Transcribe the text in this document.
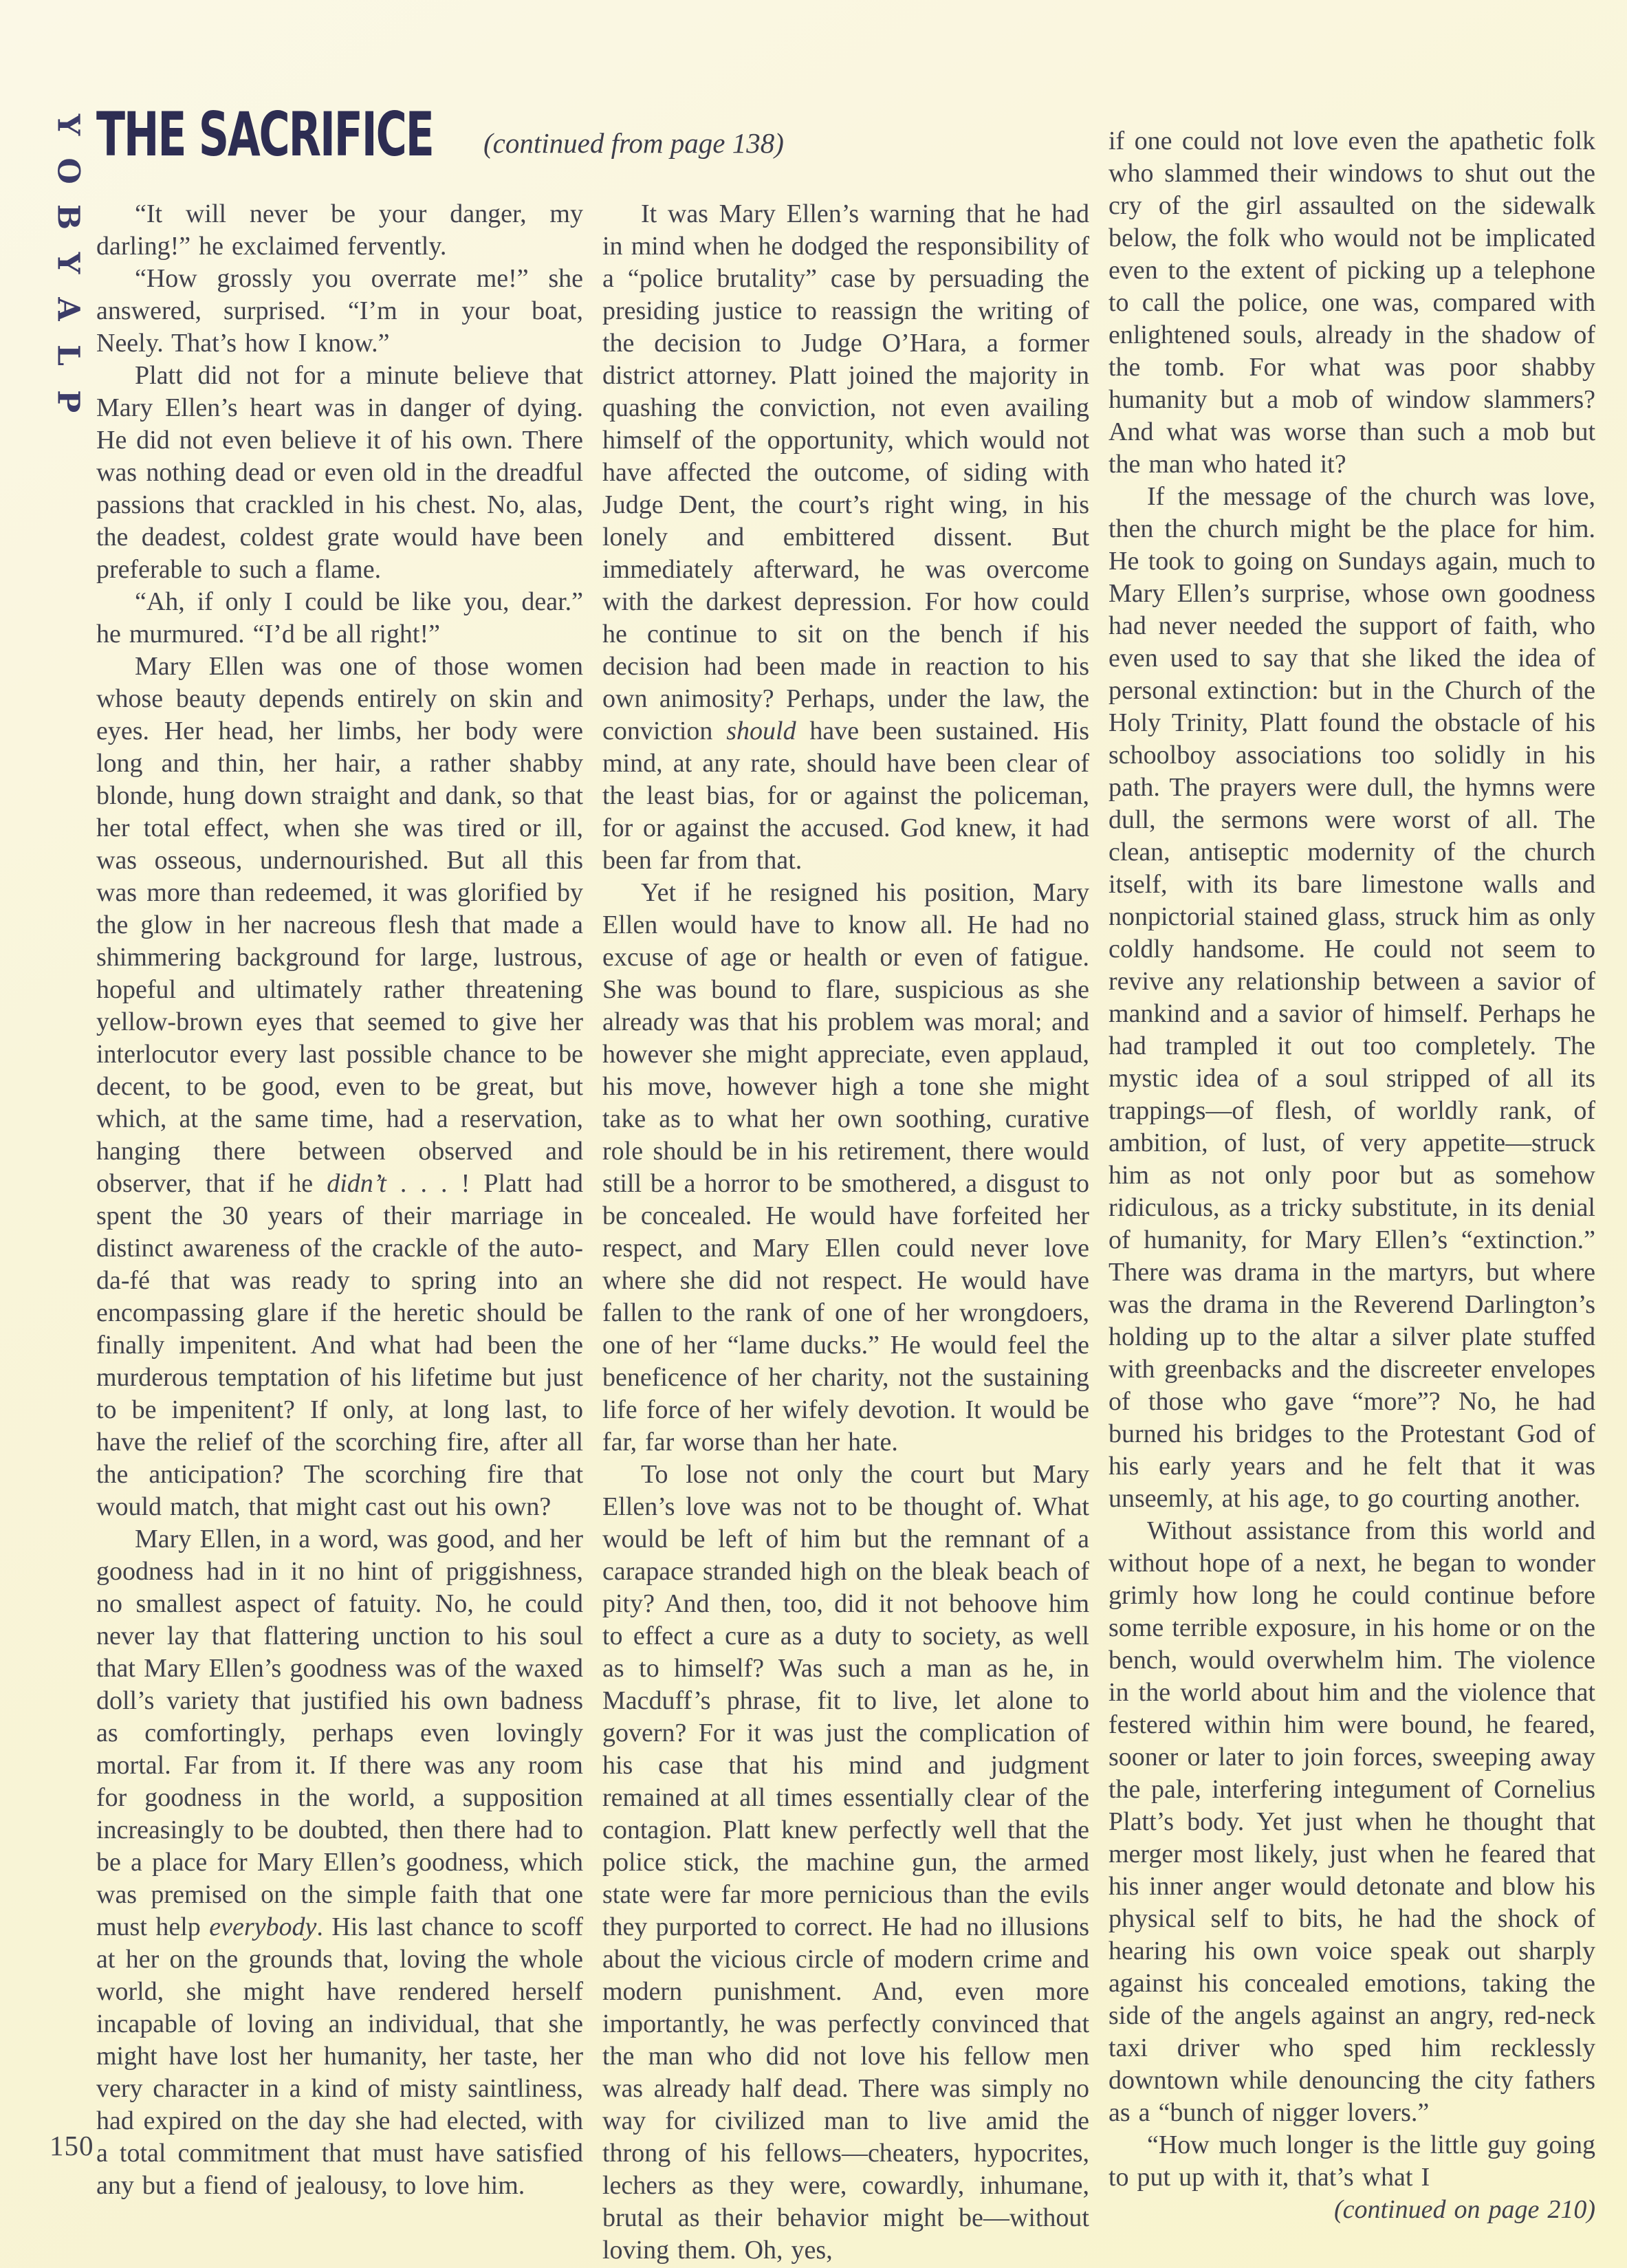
Y
O
B
Y
A
L
P
THE SACRIFICE (continued from page 138)

“It will never be your danger, my darling!” he exclaimed fervently.

“How grossly you overrate me!” she answered, surprised. “I’m in your boat, Neely. That’s how I know.”

Platt did not for a minute believe that Mary Ellen’s heart was in danger of dying. He did not even believe it of his own. There was nothing dead or even old in the dreadful passions that crackled in his chest. No, alas, the deadest, coldest grate would have been preferable to such a flame.

“Ah, if only I could be like you, dear.” he murmured. “I’d be all right!”

Mary Ellen was one of those women whose beauty depends entirely on skin and eyes. Her head, her limbs, her body were long and thin, her hair, a rather shabby blonde, hung down straight and dank, so that her total effect, when she was tired or ill, was osseous, undernourished. But all this was more than redeemed, it was glorified by the glow in her nacreous flesh that made a shimmering background for large, lustrous, hopeful and ultimately rather threatening yellow-brown eyes that seemed to give her interlocutor every last possible chance to be decent, to be good, even to be great, but which, at the same time, had a reservation, hanging there between observed and observer, that if he didn’t . . . ! Platt had spent the 30 years of their marriage in distinct awareness of the crackle of the auto-da-fé that was ready to spring into an encompassing glare if the heretic should be finally impenitent. And what had been the murderous temptation of his lifetime but just to be impenitent? If only, at long last, to have the relief of the scorching fire, after all the anticipation? The scorching fire that would match, that might cast out his own?

Mary Ellen, in a word, was good, and her goodness had in it no hint of priggishness, no smallest aspect of fatuity. No, he could never lay that flattering unction to his soul that Mary Ellen’s goodness was of the waxed doll’s variety that justified his own badness as comfortingly, perhaps even lovingly mortal. Far from it. If there was any room for goodness in the world, a supposition increasingly to be doubted, then there had to be a place for Mary Ellen’s goodness, which was premised on the simple faith that one must help everybody. His last chance to scoff at her on the grounds that, loving the whole world, she might have rendered herself incapable of loving an individual, that she might have lost her humanity, her taste, her very character in a kind of misty saintliness, had expired on the day she had elected, with a total commitment that must have satisfied any but a fiend of jealousy, to love him.

It was Mary Ellen’s warning that he had in mind when he dodged the responsibility of a “police brutality” case by persuading the presiding justice to reassign the writing of the decision to Judge O’Hara, a former district attorney. Platt joined the majority in quashing the conviction, not even availing himself of the opportunity, which would not have affected the outcome, of siding with Judge Dent, the court’s right wing, in his lonely and embittered dissent. But immediately afterward, he was overcome with the darkest depression. For how could he continue to sit on the bench if his decision had been made in reaction to his own animosity? Perhaps, under the law, the conviction should have been sustained. His mind, at any rate, should have been clear of the least bias, for or against the policeman, for or against the accused. God knew, it had been far from that.

Yet if he resigned his position, Mary Ellen would have to know all. He had no excuse of age or health or even of fatigue. She was bound to flare, suspicious as she already was that his problem was moral; and however she might appreciate, even applaud, his move, however high a tone she might take as to what her own soothing, curative role should be in his retirement, there would still be a horror to be smothered, a disgust to be concealed. He would have forfeited her respect, and Mary Ellen could never love where she did not respect. He would have fallen to the rank of one of her wrongdoers, one of her “lame ducks.” He would feel the beneficence of her charity, not the sustaining life force of her wifely devotion. It would be far, far worse than her hate.

To lose not only the court but Mary Ellen’s love was not to be thought of. What would be left of him but the remnant of a carapace stranded high on the bleak beach of pity? And then, too, did it not behoove him to effect a cure as a duty to society, as well as to himself? Was such a man as he, in Macduff’s phrase, fit to live, let alone to govern? For it was just the complication of his case that his mind and judgment remained at all times essentially clear of the contagion. Platt knew perfectly well that the police stick, the machine gun, the armed state were far more pernicious than the evils they purported to correct. He had no illusions about the vicious circle of modern crime and modern punishment. And, even more importantly, he was perfectly convinced that the man who did not love his fellow men was already half dead. There was simply no way for civilized man to live amid the throng of his fellows—cheaters, hypocrites, lechers as they were, cowardly, inhumane, brutal as their behavior might be—without loving them. Oh, yes,

if one could not love even the apathetic folk who slammed their windows to shut out the cry of the girl assaulted on the sidewalk below, the folk who would not be implicated even to the extent of picking up a telephone to call the police, one was, compared with enlightened souls, already in the shadow of the tomb. For what was poor shabby humanity but a mob of window slammers? And what was worse than such a mob but the man who hated it?

If the message of the church was love, then the church might be the place for him. He took to going on Sundays again, much to Mary Ellen’s surprise, whose own goodness had never needed the support of faith, who even used to say that she liked the idea of personal extinction: but in the Church of the Holy Trinity, Platt found the obstacle of his schoolboy associations too solidly in his path. The prayers were dull, the hymns were dull, the sermons were worst of all. The clean, antiseptic modernity of the church itself, with its bare limestone walls and nonpictorial stained glass, struck him as only coldly handsome. He could not seem to revive any relationship between a savior of mankind and a savior of himself. Perhaps he had trampled it out too completely. The mystic idea of a soul stripped of all its trappings—of flesh, of worldly rank, of ambition, of lust, of very appetite—struck him as not only poor but as somehow ridiculous, as a tricky substitute, in its denial of humanity, for Mary Ellen’s “extinction.” There was drama in the martyrs, but where was the drama in the Reverend Darlington’s holding up to the altar a silver plate stuffed with greenbacks and the discreeter envelopes of those who gave “more”? No, he had burned his bridges to the Protestant God of his early years and he felt that it was unseemly, at his age, to go courting another.

Without assistance from this world and without hope of a next, he began to wonder grimly how long he could continue before some terrible exposure, in his home or on the bench, would overwhelm him. The violence in the world about him and the violence that festered within him were bound, he feared, sooner or later to join forces, sweeping away the pale, interfering integument of Cornelius Platt’s body. Yet just when he thought that merger most likely, just when he feared that his inner anger would detonate and blow his physical self to bits, he had the shock of hearing his own voice speak out sharply against his concealed emotions, taking the side of the angels against an angry, red-neck taxi driver who sped him recklessly downtown while denouncing the city fathers as a “bunch of nigger lovers.”

“How much longer is the little guy going to put up with it, that’s what I

(continued on page 210)

150
